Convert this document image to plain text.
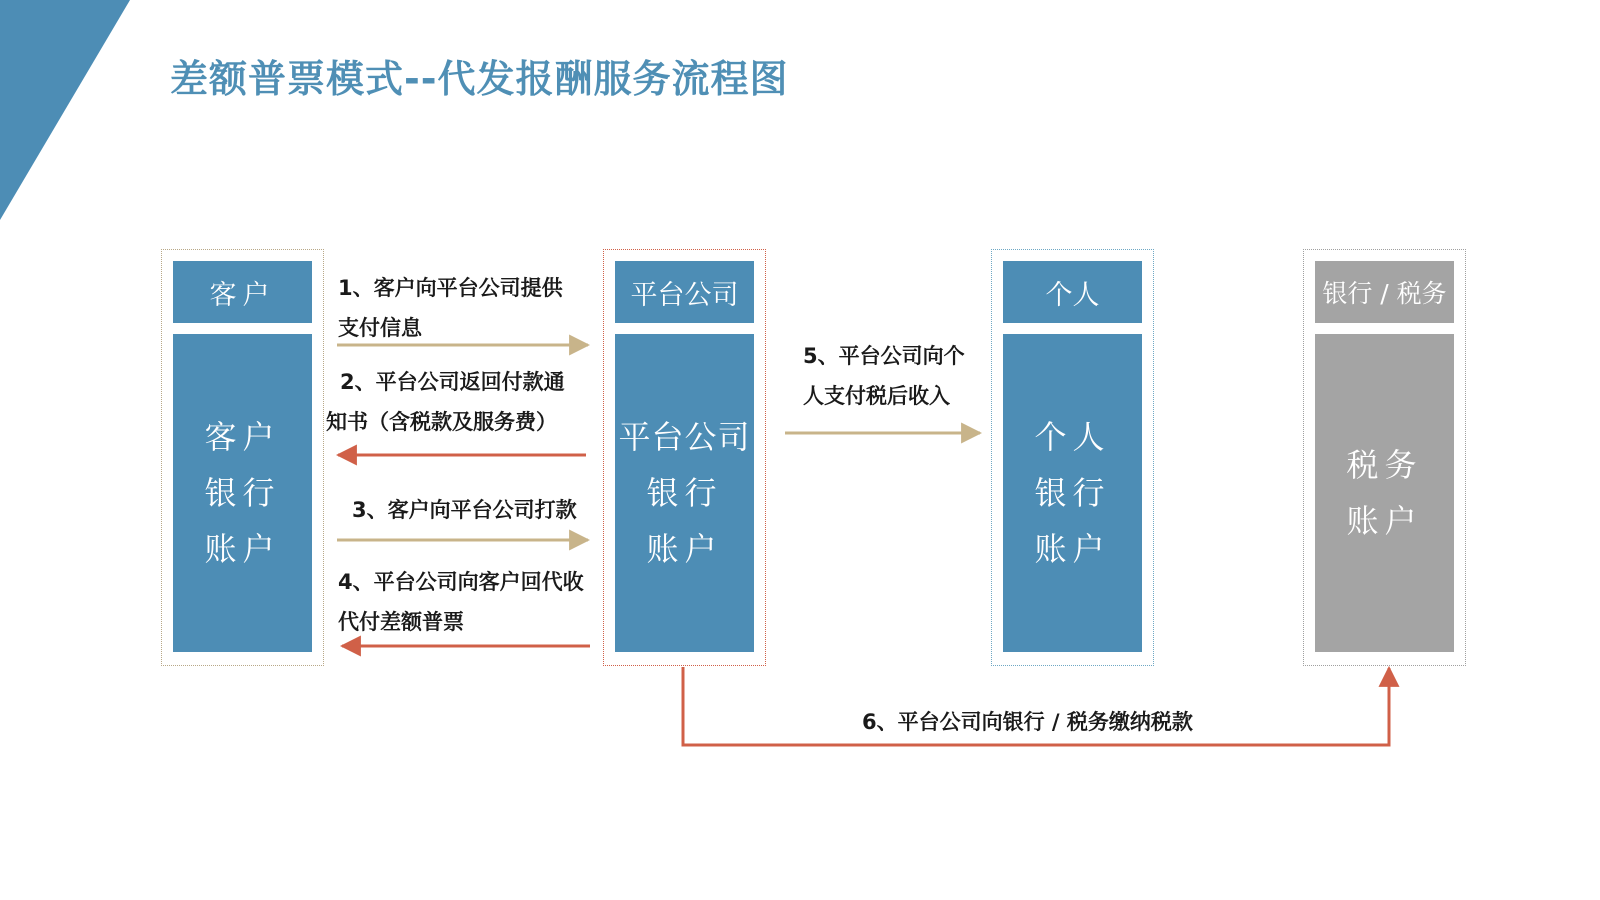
差额普票模式--代发报酬服务流程图
客户
客户
银行
账户
平台公司
平台公司
银行
账户
个人
个人
银行
账户
银行 / 税务
税务
账户
1、客户向平台公司提供
支付信息
2、平台公司返回付款通
知书（含税款及服务费）
3、客户向平台公司打款
4、平台公司向客户回代收
代付差额普票
5、平台公司向个
人支付税后收入
6、平台公司向银行 / 税务缴纳税款
